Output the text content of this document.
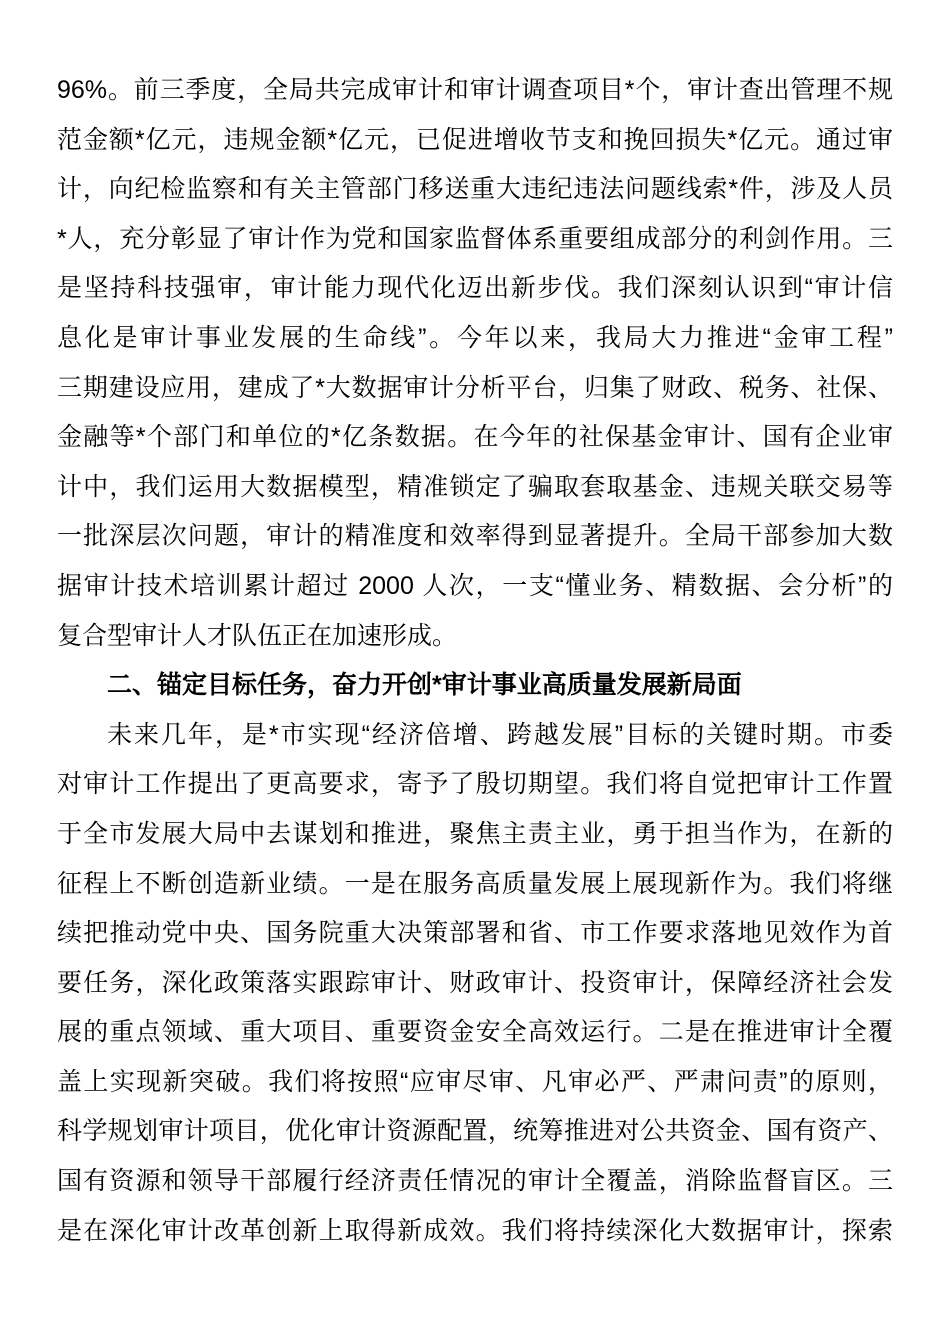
96%。前三季度，全局共完成审计和审计调查项目*个，审计查出管理不规
范金额*亿元，违规金额*亿元，已促进增收节支和挽回损失*亿元。通过审
计，向纪检监察和有关主管部门移送重大违纪违法问题线索*件，涉及人员
*人，充分彰显了审计作为党和国家监督体系重要组成部分的利剑作用。三
是坚持科技强审，审计能力现代化迈出新步伐。我们深刻认识到“审计信
息化是审计事业发展的生命线”。今年以来，我局大力推进“金审工程”
三期建设应用，建成了*大数据审计分析平台，归集了财政、税务、社保、
金融等*个部门和单位的*亿条数据。在今年的社保基金审计、国有企业审
计中，我们运用大数据模型，精准锁定了骗取套取基金、违规关联交易等
一批深层次问题，审计的精准度和效率得到显著提升。全局干部参加大数
据审计技术培训累计超过 2000 人次，一支“懂业务、精数据、会分析”的
复合型审计人才队伍正在加速形成。
二、锚定目标任务，奋力开创*审计事业高质量发展新局面
未来几年，是*市实现“经济倍增、跨越发展”目标的关键时期。市委
对审计工作提出了更高要求，寄予了殷切期望。我们将自觉把审计工作置
于全市发展大局中去谋划和推进，聚焦主责主业，勇于担当作为，在新的
征程上不断创造新业绩。一是在服务高质量发展上展现新作为。我们将继
续把推动党中央、国务院重大决策部署和省、市工作要求落地见效作为首
要任务，深化政策落实跟踪审计、财政审计、投资审计，保障经济社会发
展的重点领域、重大项目、重要资金安全高效运行。二是在推进审计全覆
盖上实现新突破。我们将按照“应审尽审、凡审必严、严肃问责”的原则，
科学规划审计项目，优化审计资源配置，统筹推进对公共资金、国有资产、
国有资源和领导干部履行经济责任情况的审计全覆盖，消除监督盲区。三
是在深化审计改革创新上取得新成效。我们将持续深化大数据审计，探索
